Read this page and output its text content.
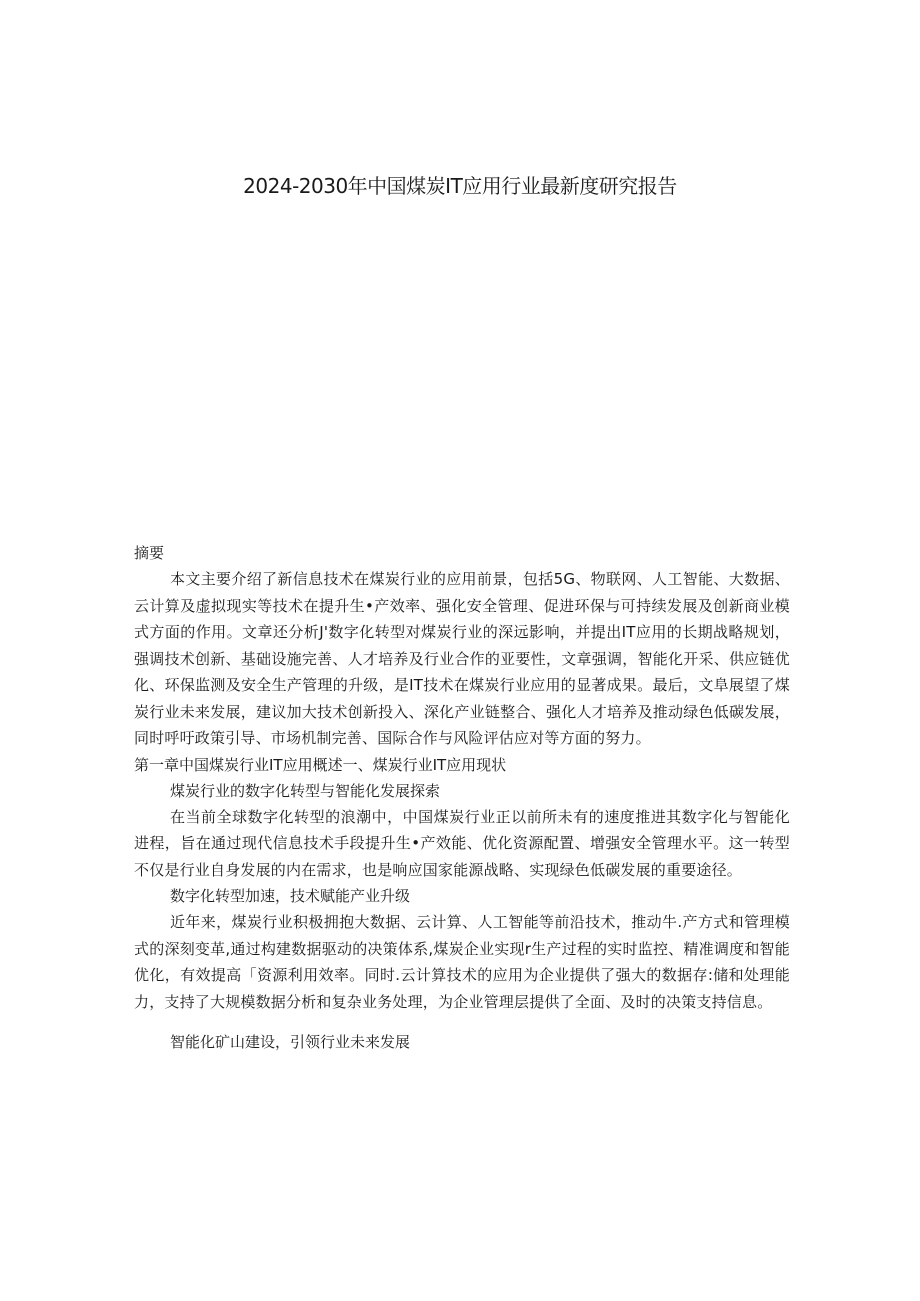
2024-2030年中国煤炭IT应用行业最新度研究报告

摘要

本文主要介绍了新信息技术在煤炭行业的应用前景，包括5G、物联网、人工智能、大数据、云计算及虚拟现实等技术在提升生•产效率、强化安全管理、促进环保与可持续发展及创新商业模式方面的作用。文章还分析J'数字化转型对煤炭行业的深远影响，并提出IT应用的长期战略规划，强调技术创新、基础设施完善、人才培养及行业合作的亚要性，文章强调，智能化开采、供应链优化、环保监测及安全生产管理的升级，是IT技术在煤炭行业应用的显著成果。最后，文阜展望了煤炭行业未来发展，建议加大技术创新投入、深化产业链整合、强化人才培养及推动绿色低碳发展，同时呼吁政策引导、市场机制完善、国际合作与风险评估应对等方面的努力。

第一章中国煤炭行业IT应用概述一、煤炭行业IT应用现状

煤炭行业的数字化转型与智能化发展探索

在当前全球数字化转型的浪潮中，中国煤炭行业正以前所未有的速度推进其数字化与智能化进程，旨在通过现代信息技术手段提升生•产效能、优化资源配置、增强安全管理水平。这一转型不仅是行业自身发展的内在需求，也是响应国家能源战略、实现绿色低碳发展的重要途径。

数字化转型加速，技术赋能产业升级

近年来，煤炭行业积极拥抱大数据、云计算、人工智能等前沿技术，推动牛.产方式和管理模式的深刻变革,通过构建数据驱动的决策体系,煤炭企业实现r生产过程的实时监控、精准调度和智能优化，有效提高「资源利用效率。同时.云计算技术的应用为企业提供了强大的数据存:储和处理能力，支持了大规模数据分析和复杂业务处理，为企业管理层提供了全面、及时的决策支持信息。

智能化矿山建设，引领行业未来发展
